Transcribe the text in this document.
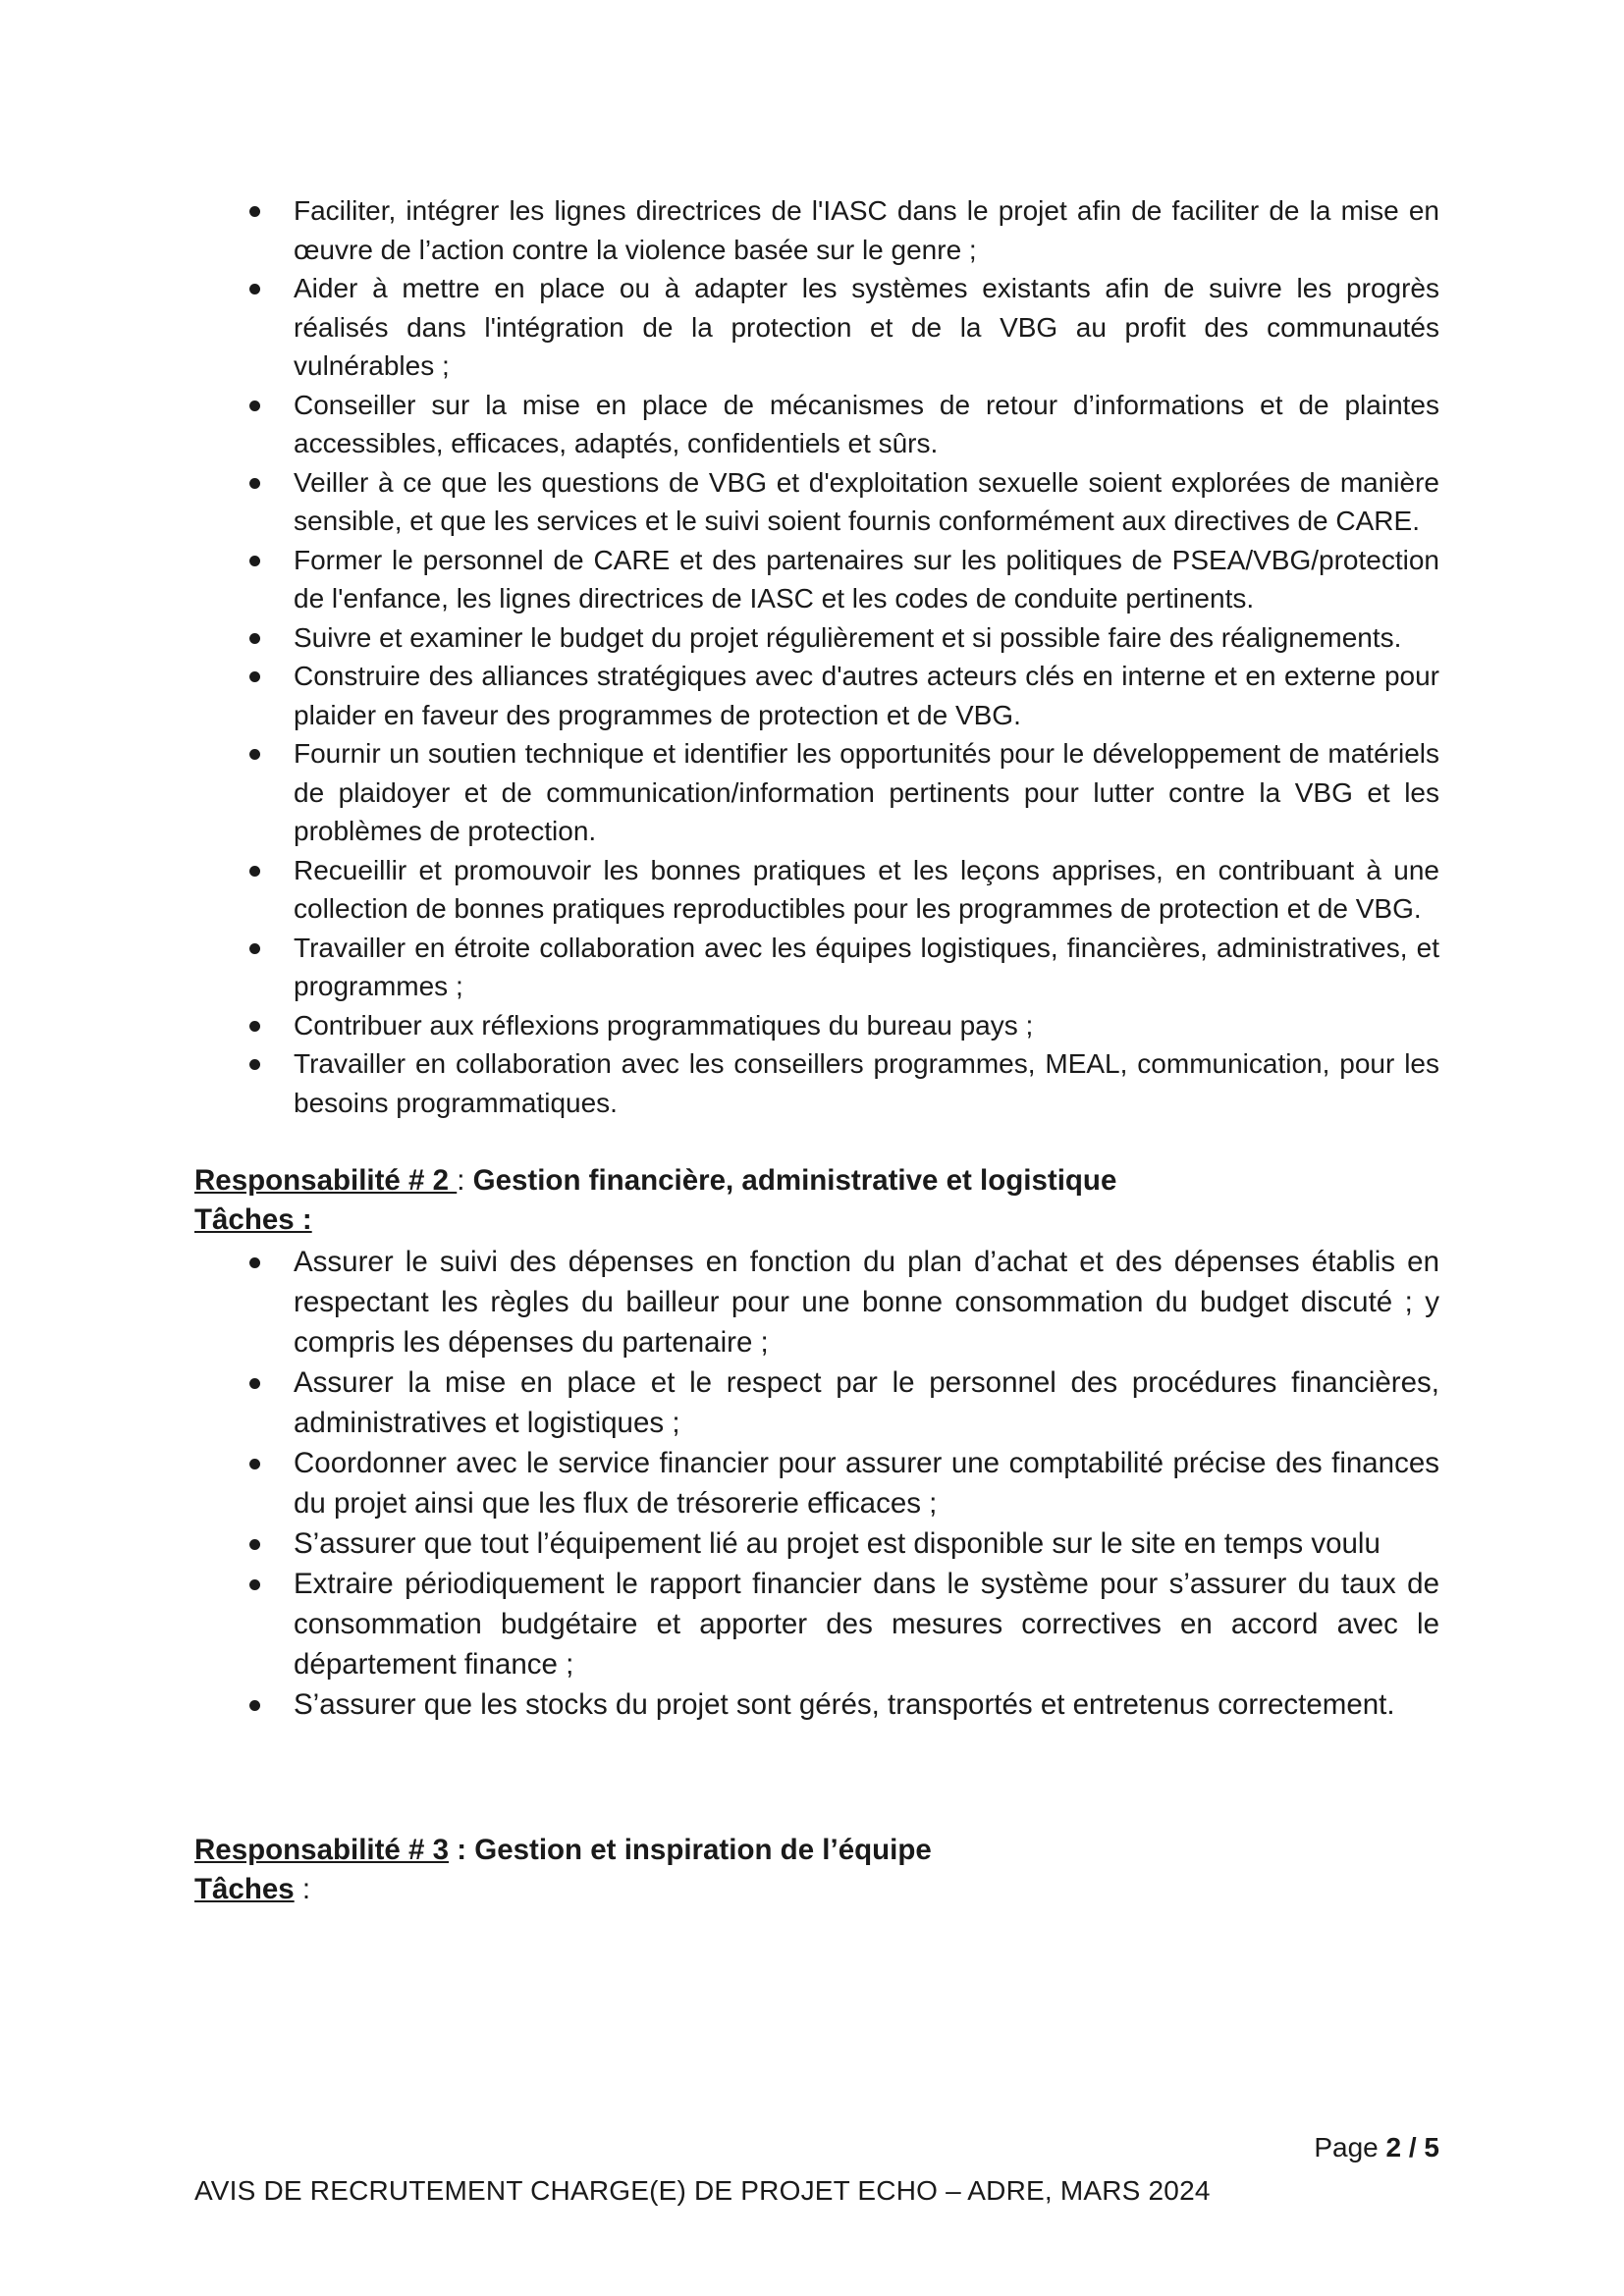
Faciliter, intégrer les lignes directrices de l'IASC dans le projet afin de faciliter de la mise en œuvre de l’action contre la violence basée sur le genre ;
Aider à mettre en place ou à adapter les systèmes existants afin de suivre les progrès réalisés dans l'intégration de la protection et de la VBG au profit des communautés vulnérables ;
Conseiller sur la mise en place de mécanismes de retour d’informations et de plaintes accessibles, efficaces, adaptés, confidentiels et sûrs.
Veiller à ce que les questions de VBG et d'exploitation sexuelle soient explorées de manière sensible, et que les services et le suivi soient fournis conformément aux directives de CARE.
Former le personnel de CARE et des partenaires sur les politiques de PSEA/VBG/protection de l'enfance, les lignes directrices de IASC et les codes de conduite pertinents.
Suivre et examiner le budget du projet régulièrement et si possible faire des réalignements.
Construire des alliances stratégiques avec d'autres acteurs clés en interne et en externe pour plaider en faveur des programmes de protection et de VBG.
Fournir un soutien technique et identifier les opportunités pour le développement de matériels de plaidoyer et de communication/information pertinents pour lutter contre la VBG et les problèmes de protection.
Recueillir et promouvoir les bonnes pratiques et les leçons apprises, en contribuant à une collection de bonnes pratiques reproductibles pour les programmes de protection et de VBG.
Travailler en étroite collaboration avec les équipes logistiques, financières, administratives, et programmes ;
Contribuer aux réflexions programmatiques du bureau pays ;
Travailler en collaboration avec les conseillers programmes, MEAL, communication, pour les besoins programmatiques.

Responsabilité # 2 : Gestion financière, administrative et logistique

Tâches :

Assurer le suivi des dépenses en fonction du plan d’achat et des dépenses établis en respectant les règles du bailleur pour une bonne consommation du budget discuté ; y compris les dépenses du partenaire ;
Assurer la mise en place et le respect par le personnel des procédures financières, administratives et logistiques ;
Coordonner avec le service financier pour assurer une comptabilité précise des finances du projet ainsi que les flux de trésorerie efficaces ;
S’assurer que tout l’équipement lié au projet est disponible sur le site en temps voulu
Extraire périodiquement le rapport financier dans le système pour s’assurer du taux de consommation budgétaire et apporter des mesures correctives en accord avec le département finance ;
S’assurer que les stocks du projet sont gérés, transportés et entretenus correctement.

Responsabilité # 3 : Gestion et inspiration de l’équipe

Tâches :

Page 2 / 5
AVIS DE RECRUTEMENT CHARGE(E) DE PROJET ECHO – ADRE, MARS 2024
